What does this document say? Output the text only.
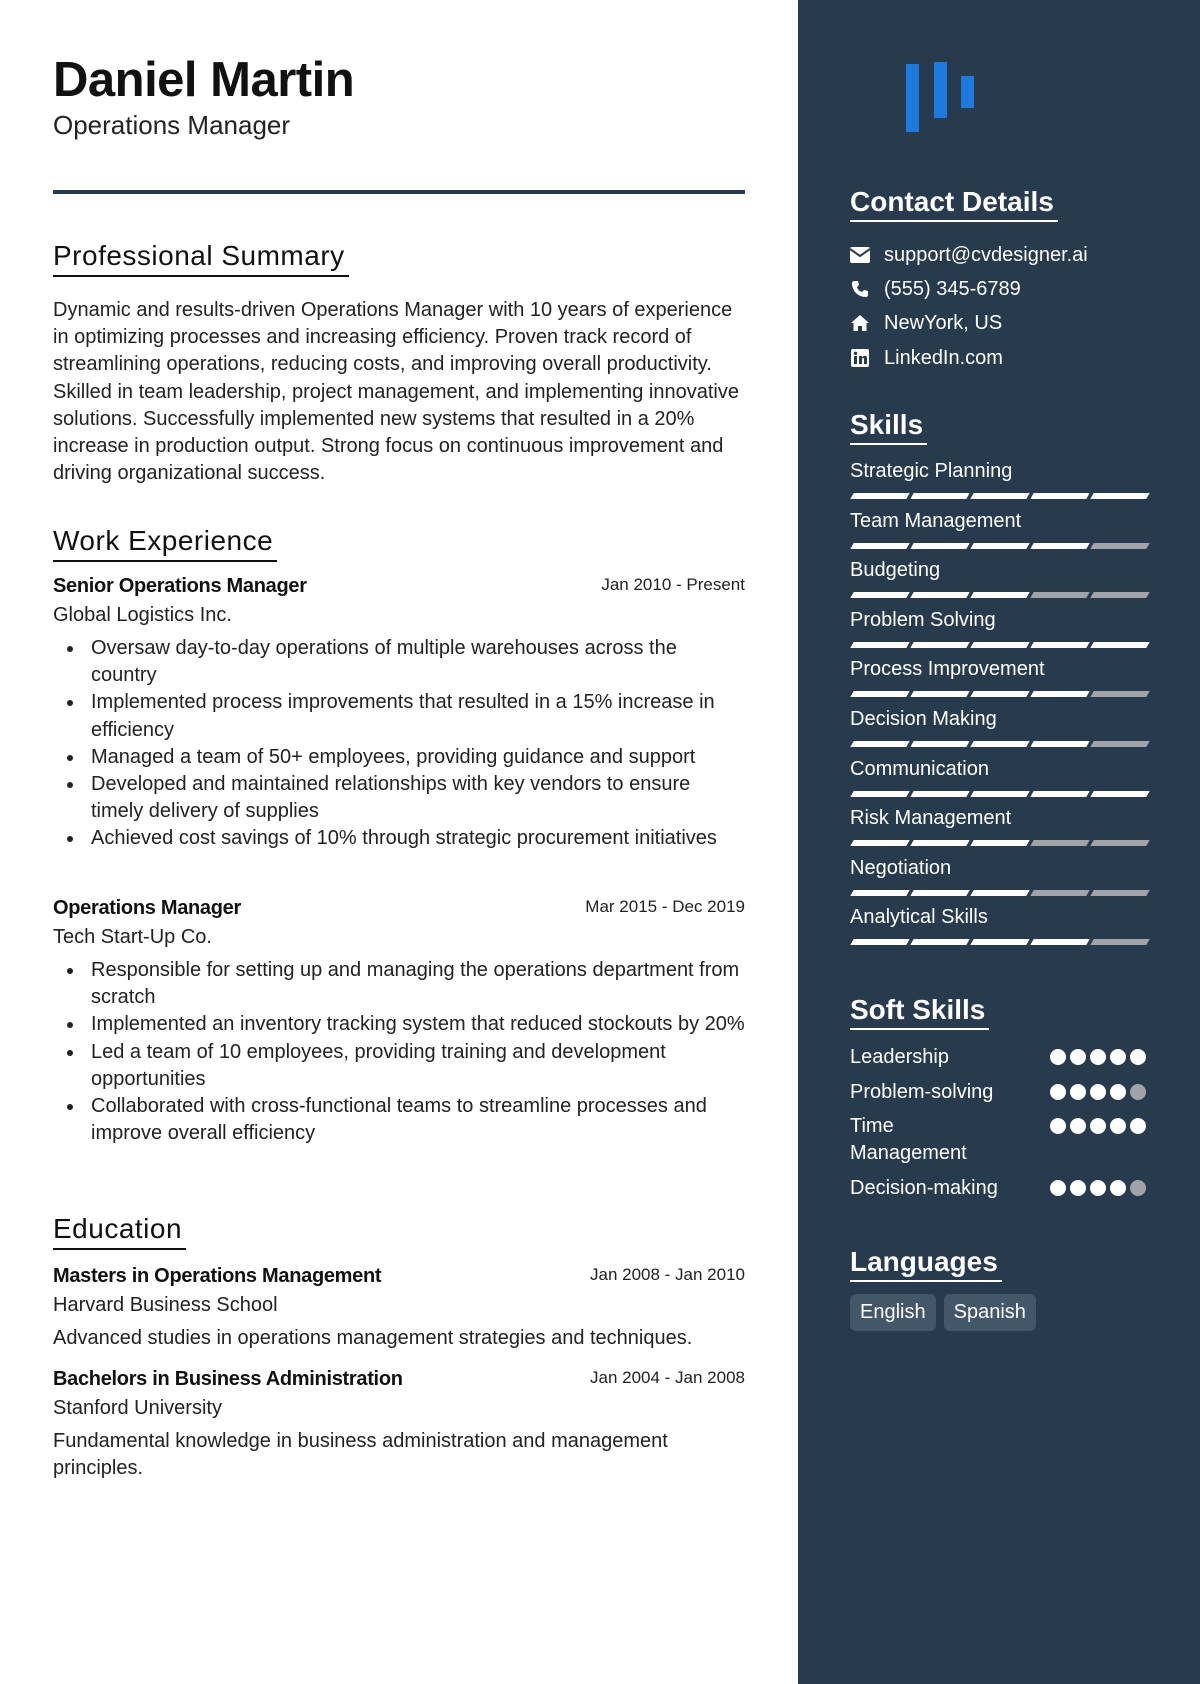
Daniel Martin
Operations Manager
Professional Summary
Dynamic and results-driven Operations Manager with 10 years of experience in optimizing processes and increasing efficiency. Proven track record of streamlining operations, reducing costs, and improving overall productivity. Skilled in team leadership, project management, and implementing innovative solutions. Successfully implemented new systems that resulted in a 20% increase in production output. Strong focus on continuous improvement and driving organizational success.
Work Experience
Senior Operations Manager	Jan 2010 - Present
Global Logistics Inc.
Oversaw day-to-day operations of multiple warehouses across the country
Implemented process improvements that resulted in a 15% increase in efficiency
Managed a team of 50+ employees, providing guidance and support
Developed and maintained relationships with key vendors to ensure timely delivery of supplies
Achieved cost savings of 10% through strategic procurement initiatives
Operations Manager	Mar 2015 - Dec 2019
Tech Start-Up Co.
Responsible for setting up and managing the operations department from scratch
Implemented an inventory tracking system that reduced stockouts by 20%
Led a team of 10 employees, providing training and development opportunities
Collaborated with cross-functional teams to streamline processes and improve overall efficiency
Education
Masters in Operations Management	Jan 2008 - Jan 2010
Harvard Business School
Advanced studies in operations management strategies and techniques.
Bachelors in Business Administration	Jan 2004 - Jan 2008
Stanford University
Fundamental knowledge in business administration and management principles.
Contact Details
support@cvdesigner.ai
(555) 345-6789
NewYork, US
LinkedIn.com
Skills
Strategic Planning
Team Management
Budgeting
Problem Solving
Process Improvement
Decision Making
Communication
Risk Management
Negotiation
Analytical Skills
Soft Skills
Leadership
Problem-solving
Time Management
Decision-making
Languages
English	Spanish
